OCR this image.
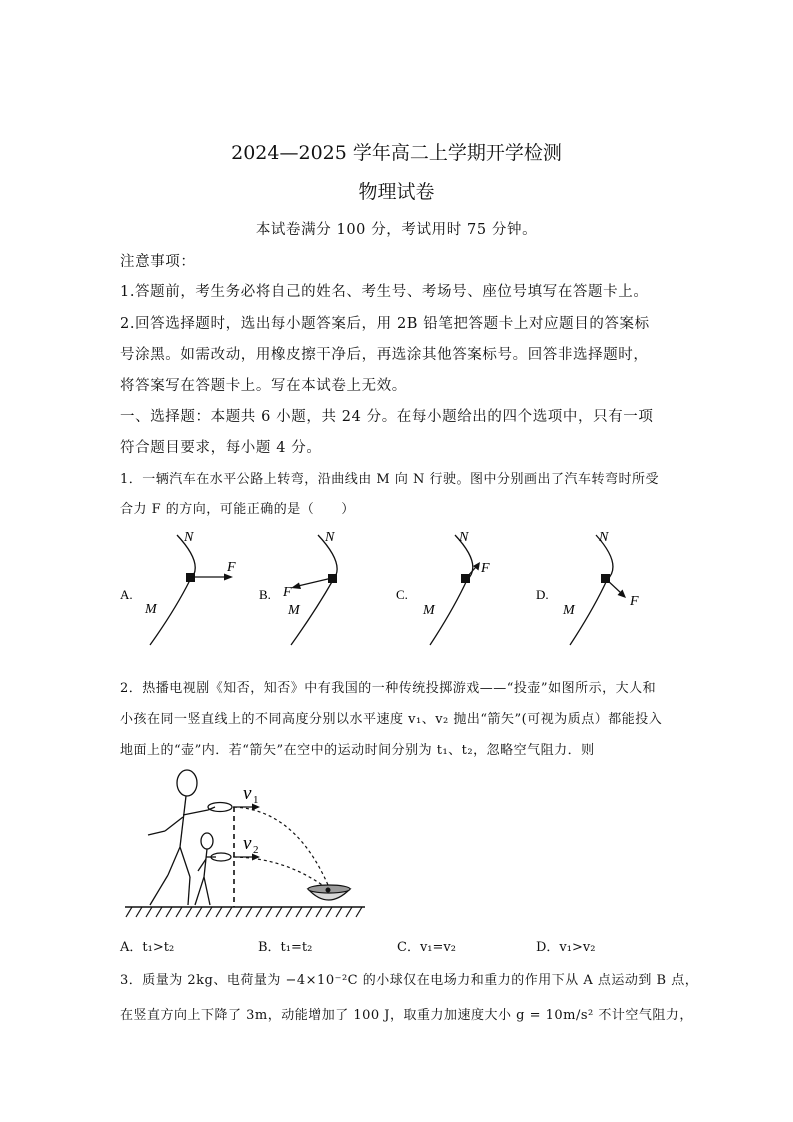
2024—2025 学年高二上学期开学检测
物理试卷
本试卷满分 100 分，考试用时 75 分钟。
注意事项：
1.答题前，考生务必将自己的姓名、考生号、考场号、座位号填写在答题卡上。
2.回答选择题时，选出每小题答案后，用 2B 铅笔把答题卡上对应题目的答案标
号涂黑。如需改动，用橡皮擦干净后，再选涂其他答案标号。回答非选择题时，
将答案写在答题卡上。写在本试卷上无效。
一、选择题：本题共 6 小题，共 24 分。在每小题给出的四个选项中，只有一项
符合题目要求，每小题 4 分。
1．一辆汽车在水平公路上转弯，沿曲线由 M 向 N 行驶。图中分别画出了汽车转弯时所受
合力 F 的方向，可能正确的是（　　）
N
F
M
A.
N
F
M
B.
N
F
M
C.
N
F
M
D.
2．热播电视剧《知否，知否》中有我国的一种传统投掷游戏——“投壶”如图所示，大人和
小孩在同一竖直线上的不同高度分别以水平速度 v₁、v₂ 抛出“箭矢”(可视为质点）都能投入
地面上的“壶”内．若“箭矢”在空中的运动时间分别为 t₁、t₂，忽略空气阻力．则
v 1
v 2
A．t₁>t₂	B．t₁=t₂	C．v₁=v₂	D．v₁>v₂
3．质量为 2kg、电荷量为 −4×10⁻²C 的小球仅在电场力和重力的作用下从 A 点运动到 B 点，
在竖直方向上下降了 3m，动能增加了 100 J，取重力加速度大小 g = 10m/s² 不计空气阻力，
